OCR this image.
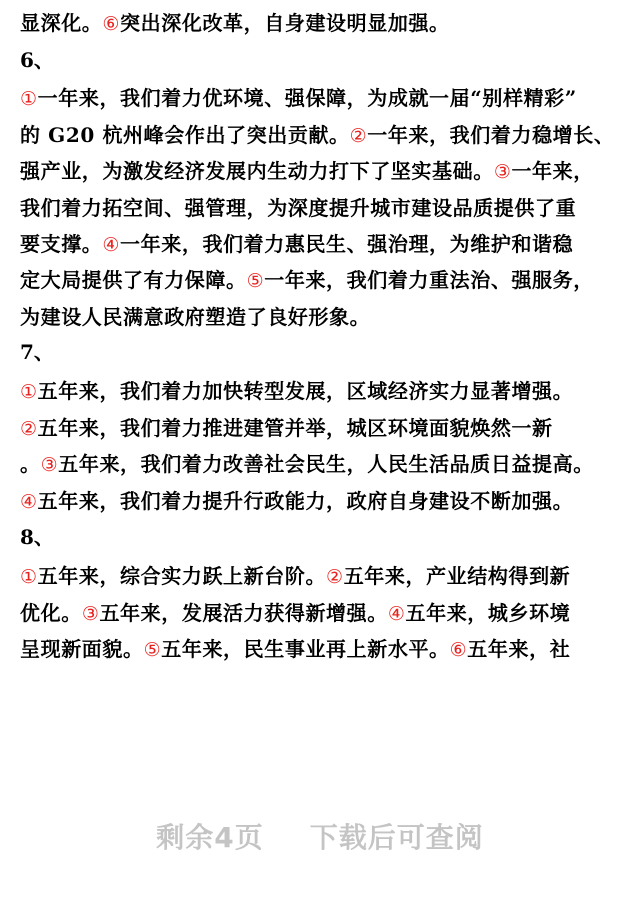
显深化。⑥突出深化改革，自身建设明显加强。

6、

①一年来，我们着力优环境、强保障，为成就一届“别样精彩”

的 G20 杭州峰会作出了突出贡献。②一年来，我们着力稳增长、

强产业，为激发经济发展内生动力打下了坚实基础。③一年来，

我们着力拓空间、强管理，为深度提升城市建设品质提供了重

要支撑。④一年来，我们着力惠民生、强治理，为维护和谐稳

定大局提供了有力保障。⑤一年来，我们着力重法治、强服务，

为建设人民满意政府塑造了良好形象。

7、

①五年来，我们着力加快转型发展，区域经济实力显著增强。

②五年来，我们着力推进建管并举，城区环境面貌焕然一新

。③五年来，我们着力改善社会民生，人民生活品质日益提高。

④五年来，我们着力提升行政能力，政府自身建设不断加强。

8、

①五年来，综合实力跃上新台阶。②五年来，产业结构得到新

优化。③五年来，发展活力获得新增强。④五年来，城乡环境

呈现新面貌。⑤五年来，民生事业再上新水平。⑥五年来，社

剩余4页 下载后可查阅
